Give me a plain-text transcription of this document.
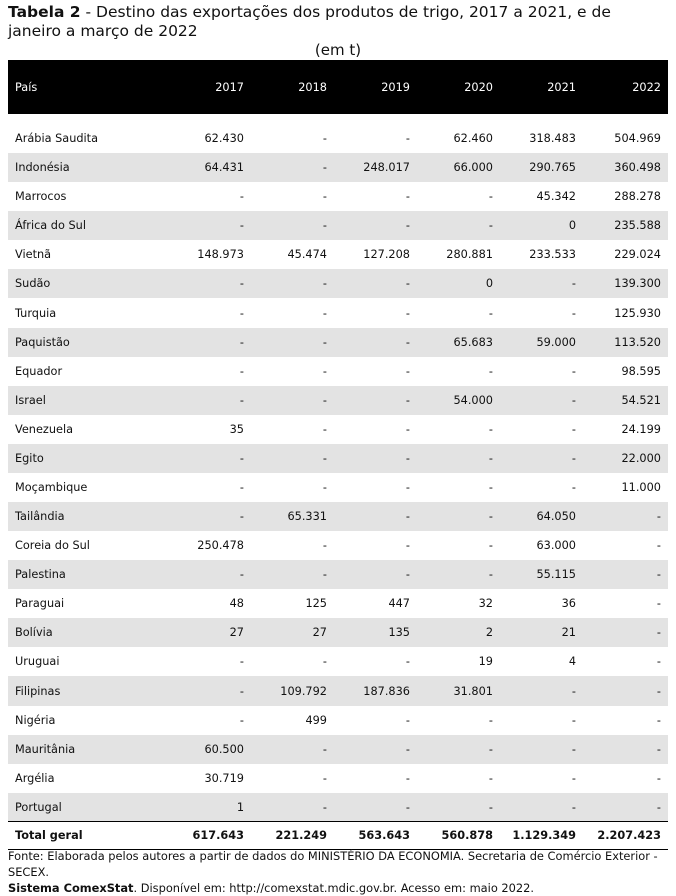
Tabela 2 - Destino das exportações dos produtos de trigo, 2017 a 2021, e de janeiro a março de 2022
(em t)
País	2017	2018	2019	2020	2021	2022

Arábia Saudita	62.430	-	-	62.460	318.483	504.969
Indonésia	64.431	-	248.017	66.000	290.765	360.498
Marrocos	-	-	-	-	45.342	288.278
África do Sul	-	-	-	-	0	235.588
Vietnã	148.973	45.474	127.208	280.881	233.533	229.024
Sudão	-	-	-	0	-	139.300
Turquia	-	-	-	-	-	125.930
Paquistão	-	-	-	65.683	59.000	113.520
Equador	-	-	-	-	-	98.595
Israel	-	-	-	54.000	-	54.521
Venezuela	35	-	-	-	-	24.199
Egito	-	-	-	-	-	22.000
Moçambique	-	-	-	-	-	11.000
Tailândia	-	65.331	-	-	64.050	-
Coreia do Sul	250.478	-	-	-	63.000	-
Palestina	-	-	-	-	55.115	-
Paraguai	48	125	447	32	36	-
Bolívia	27	27	135	2	21	-
Uruguai	-	-	-	19	4	-
Filipinas	-	109.792	187.836	31.801	-	-
Nigéria	-	499	-	-	-	-
Mauritânia	60.500	-	-	-	-	-
Argélia	30.719	-	-	-	-	-
Portugal	1	-	-	-	-	-
Total geral	617.643	221.249	563.643	560.878	1.129.349	2.207.423
Fonte: Elaborada pelos autores a partir de dados do MINISTÉRIO DA ECONOMIA. Secretaria de Comércio Exterior -SECEX.
Sistema ComexStat. Disponível em: http://comexstat.mdic.gov.br. Acesso em: maio 2022.
